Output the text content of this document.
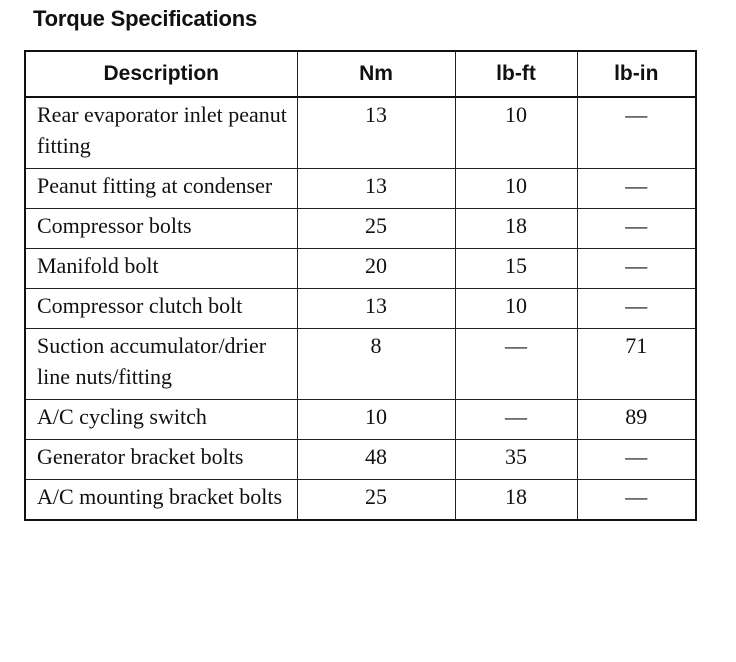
Torque Specifications
Description	Nm	lb-ft	lb-in
Rear evaporator inlet peanut fitting	13	10	—
Peanut fitting at condenser	13	10	—
Compressor bolts	25	18	—
Manifold bolt	20	15	—
Compressor clutch bolt	13	10	—
Suction accumulator/drier line nuts/fitting	8	—	71
A/C cycling switch	10	—	89
Generator bracket bolts	48	35	—
A/C mounting bracket bolts	25	18	—
